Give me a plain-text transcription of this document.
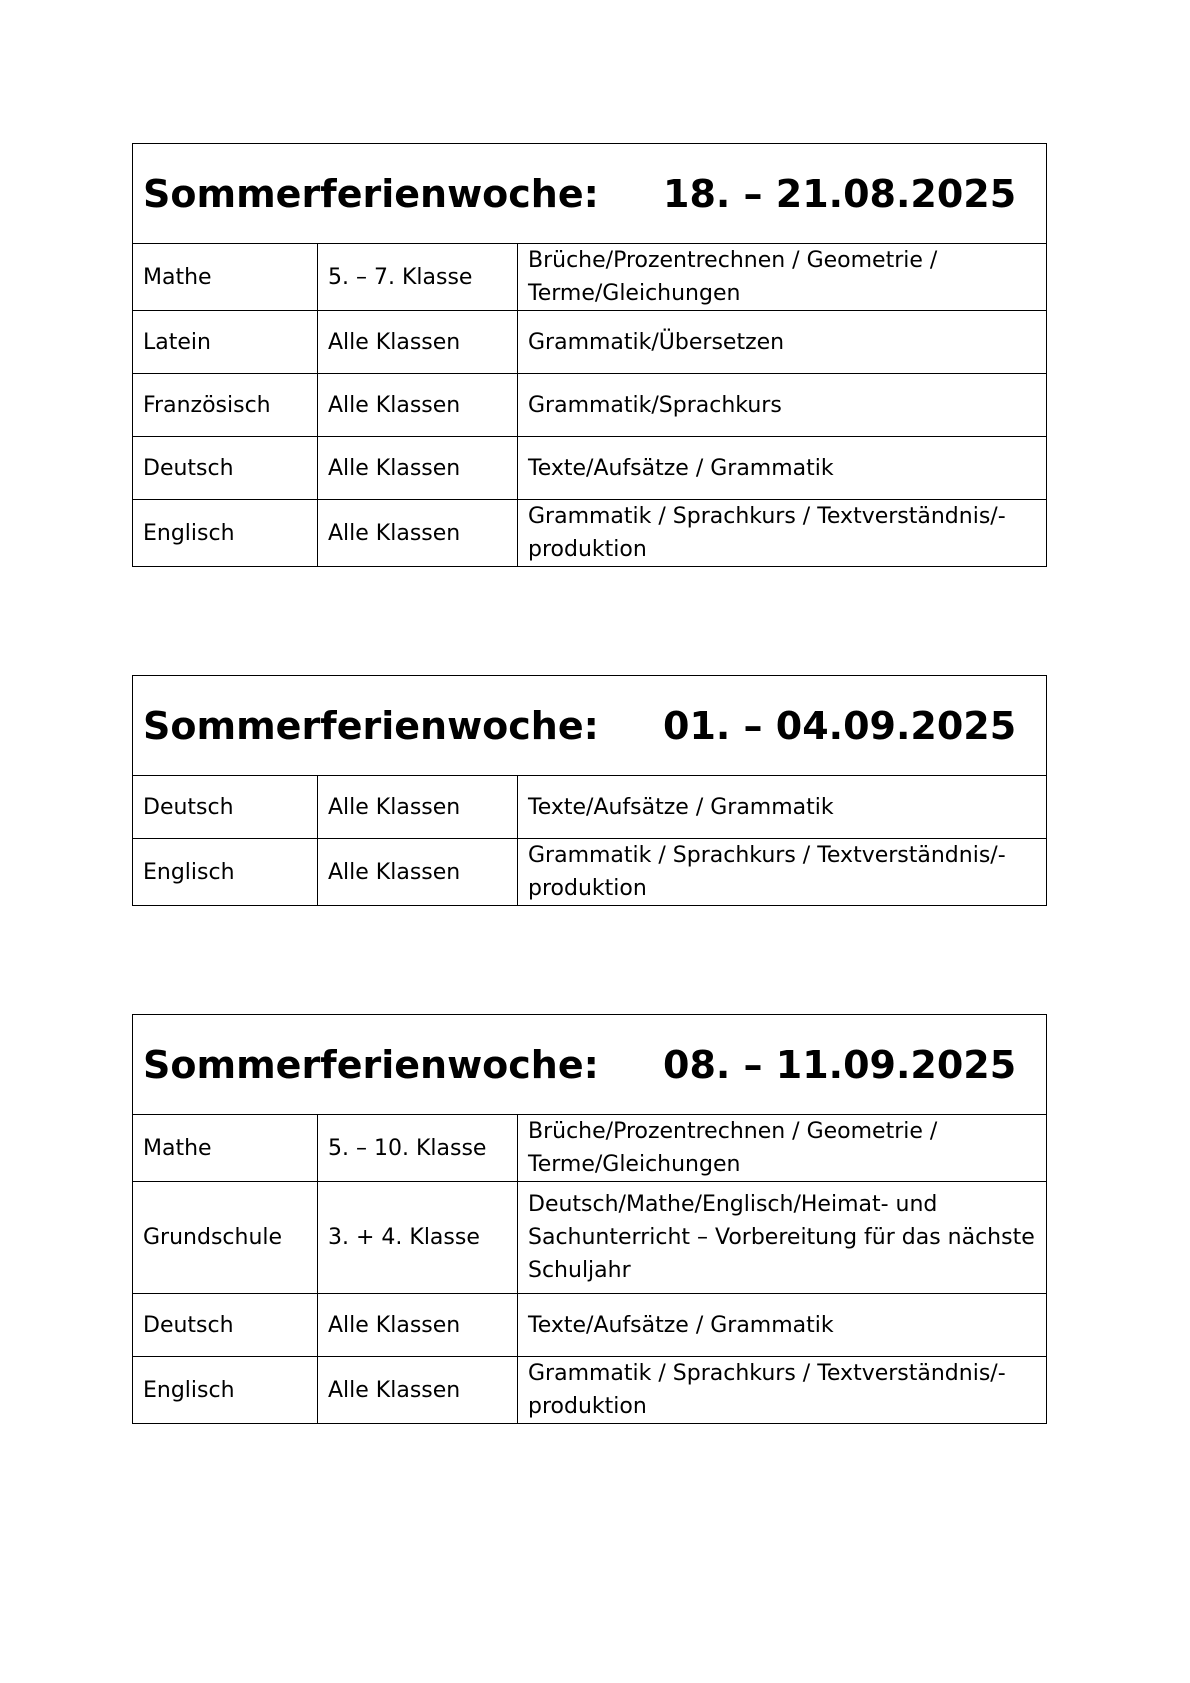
Sommerferienwoche: 18. – 21.08.2025		
Mathe	5. – 7. Klasse	Brüche/Prozentrechnen / Geometrie / Terme/Gleichungen
Latein	Alle Klassen	Grammatik/Übersetzen
Französisch	Alle Klassen	Grammatik/Sprachkurs
Deutsch	Alle Klassen	Texte/Aufsätze / Grammatik
Englisch	Alle Klassen	Grammatik / Sprachkurs / Textverständnis/-produktion
Sommerferienwoche: 01. – 04.09.2025		
Deutsch	Alle Klassen	Texte/Aufsätze / Grammatik
Englisch	Alle Klassen	Grammatik / Sprachkurs / Textverständnis/-produktion
Sommerferienwoche: 08. – 11.09.2025		
Mathe	5. – 10. Klasse	Brüche/Prozentrechnen / Geometrie / Terme/Gleichungen
Grundschule	3. + 4. Klasse	Deutsch/Mathe/Englisch/Heimat- und Sachunterricht – Vorbereitung für das nächste Schuljahr
Deutsch	Alle Klassen	Texte/Aufsätze / Grammatik
Englisch	Alle Klassen	Grammatik / Sprachkurs / Textverständnis/-produktion
